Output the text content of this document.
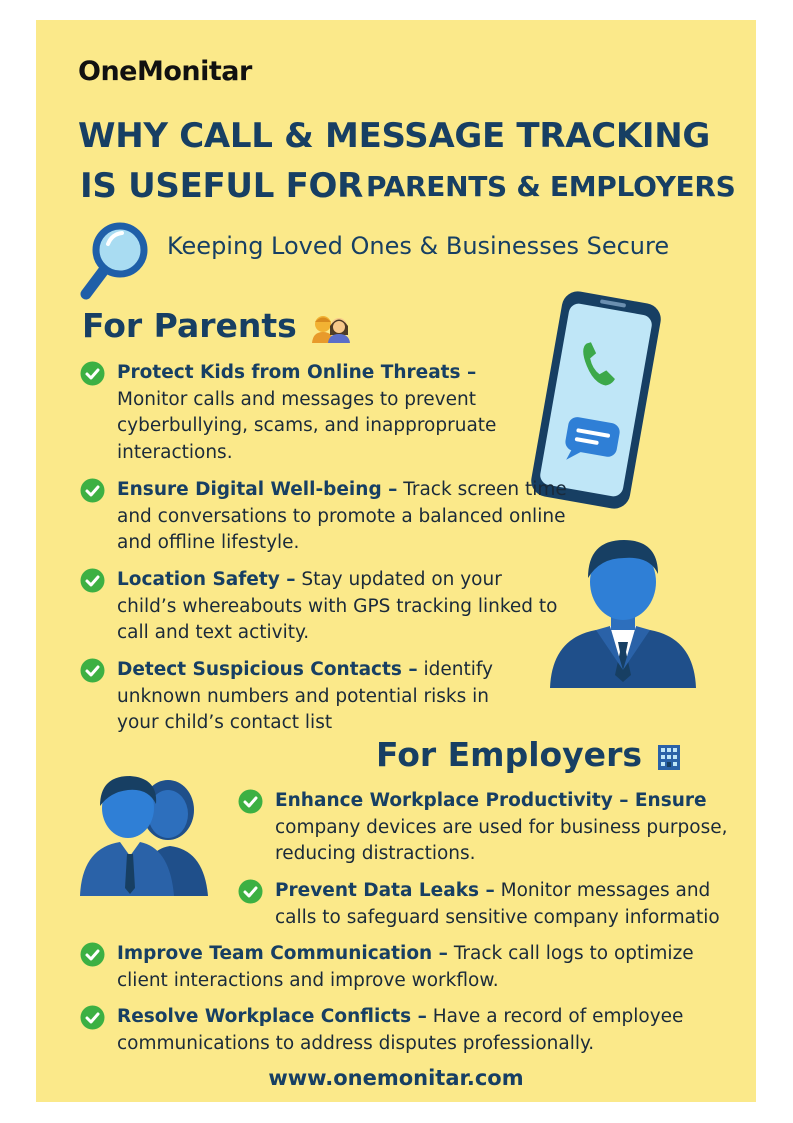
OneMonitar
WHY CALL & MESSAGE TRACKING
IS USEFUL FOR PARENTS & EMPLOYERS
Keeping Loved Ones & Businesses Secure
For Parents
Protect Kids from Online Threats –
Monitor calls and messages to prevent cyberbullying, scams, and inappropruate interactions.
Ensure Digital Well-being – Track screen time and conversations to promote a balanced online and offline lifestyle.
Location Safety – Stay updated on your child’s whereabouts with GPS tracking linked to call and text activity.
Detect Suspicious Contacts – identify unknown numbers and potential risks in your child’s contact list
For Employers
Enhance Workplace Productivity – Ensure
company devices are used for business purpose, reducing distractions.
Prevent Data Leaks – Monitor messages and calls to safeguard sensitive company informatio
Improve Team Communication – Track call logs to optimize client interactions and improve workflow.
Resolve Workplace Conflicts – Have a record of employee communications to address disputes professionally.
www.onemonitar.com
